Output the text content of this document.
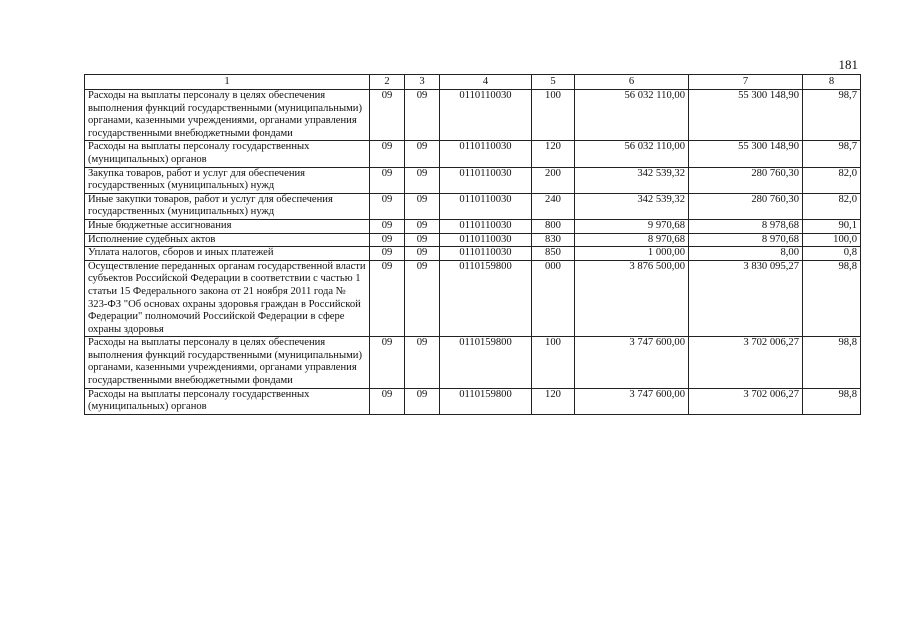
181
1	2	3	4	5	6	7	8
Расходы на выплаты персоналу в целях обеспечения выполнения функций государственными (муниципальными) органами, казенными учреждениями, органами управления государственными внебюджетными фондами	09	09	0110110030	100	56 032 110,00	55 300 148,90	98,7
Расходы на выплаты персоналу государственных (муниципальных) органов	09	09	0110110030	120	56 032 110,00	55 300 148,90	98,7
Закупка товаров, работ и услуг для обеспечения государственных (муниципальных) нужд	09	09	0110110030	200	342 539,32	280 760,30	82,0
Иные закупки товаров, работ и услуг для обеспечения государственных (муниципальных) нужд	09	09	0110110030	240	342 539,32	280 760,30	82,0
Иные бюджетные ассигнования	09	09	0110110030	800	9 970,68	8 978,68	90,1
Исполнение судебных актов	09	09	0110110030	830	8 970,68	8 970,68	100,0
Уплата налогов, сборов и иных платежей	09	09	0110110030	850	1 000,00	8,00	0,8
Осуществление переданных органам государственной власти субъектов Российской Федерации в соответствии с частью 1 статьи 15 Федерального закона от 21 ноября 2011 года № 323-ФЗ "Об основах охраны здоровья граждан в Российской Федерации" полномочий Российской Федерации в сфере охраны здоровья	09	09	0110159800	000	3 876 500,00	3 830 095,27	98,8
Расходы на выплаты персоналу в целях обеспечения выполнения функций государственными (муниципальными) органами, казенными учреждениями, органами управления государственными внебюджетными фондами	09	09	0110159800	100	3 747 600,00	3 702 006,27	98,8
Расходы на выплаты персоналу государственных (муниципальных) органов	09	09	0110159800	120	3 747 600,00	3 702 006,27	98,8
